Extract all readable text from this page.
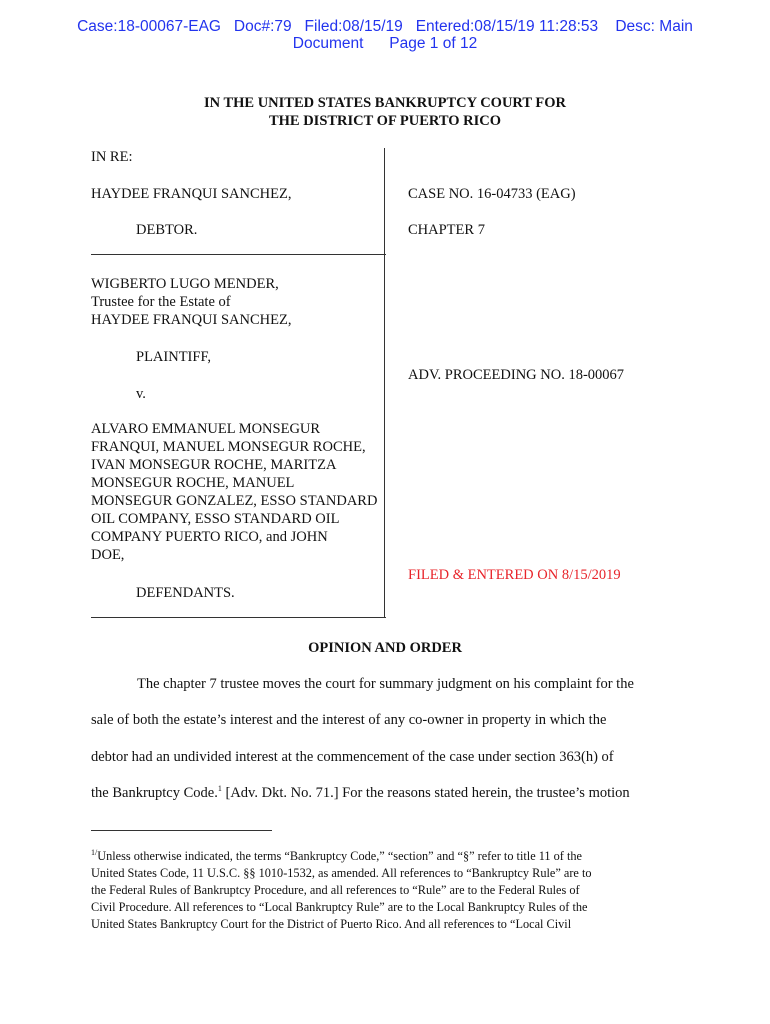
Case:18-00067-EAG   Doc#:79   Filed:08/15/19   Entered:08/15/19 11:28:53    Desc: Main
Document      Page 1 of 12
IN THE UNITED STATES BANKRUPTCY COURT FOR
THE DISTRICT OF PUERTO RICO
IN RE:
HAYDEE FRANQUI SANCHEZ,
DEBTOR.
WIGBERTO LUGO MENDER,
Trustee for the Estate of
HAYDEE FRANQUI SANCHEZ,
PLAINTIFF,
v.
ALVARO EMMANUEL MONSEGUR
FRANQUI, MANUEL MONSEGUR ROCHE,
IVAN MONSEGUR ROCHE, MARITZA
MONSEGUR ROCHE, MANUEL
MONSEGUR GONZALEZ, ESSO STANDARD
OIL COMPANY, ESSO STANDARD OIL
COMPANY PUERTO RICO, and JOHN
DOE,
DEFENDANTS.
CASE NO. 16-04733 (EAG)
CHAPTER 7
ADV. PROCEEDING NO. 18-00067
FILED & ENTERED ON 8/15/2019
OPINION AND ORDER
The chapter 7 trustee moves the court for summary judgment on his complaint for the
sale of both the estate’s interest and the interest of any co-owner in property in which the
debtor had an undivided interest at the commencement of the case under section 363(h) of
the Bankruptcy Code.$^1$ [Adv. Dkt. No. 71.] For the reasons stated herein, the trustee’s motion
$^{1/}$Unless otherwise indicated, the terms “Bankruptcy Code,” “section” and “§” refer to title 11 of the
United States Code, 11 U.S.C. §§ 1010-1532, as amended. All references to “Bankruptcy Rule” are to
the Federal Rules of Bankruptcy Procedure, and all references to “Rule” are to the Federal Rules of
Civil Procedure. All references to “Local Bankruptcy Rule” are to the Local Bankruptcy Rules of the
United States Bankruptcy Court for the District of Puerto Rico. And all references to “Local Civil
